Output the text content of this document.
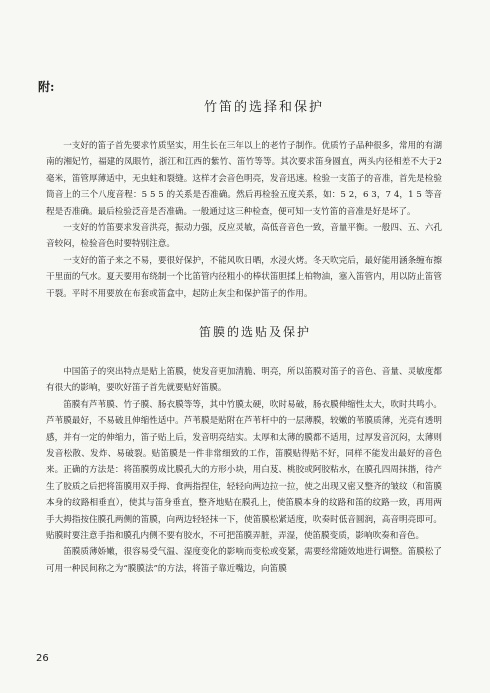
附:
竹笛的选择和保护

一支好的笛子首先要求竹质坚实，用生长在三年以上的老竹子制作。优质竹子品种很多，常用的有湖南的湘妃竹，福建的凤眼竹，浙江和江西的紫竹、笛竹等等。其次要求笛身圆直，两头内径相差不大于2毫米，笛管厚薄适中，无虫蛀和裂缝。这样才会音色明亮，发音迅速。检验一支笛子的音准，首先是检验筒音上的三个八度音程：5 5 5 的关系是否准确。然后再检验五度关系，如：5 2，6 3，7 4，1 5 等音程是否准确。最后检验泛音是否准确。一般通过这三种检查，便可知一支竹笛的音准是好是坏了。

一支好的竹笛要求发音洪亮，振动力强，反应灵敏，高低音音色一致，音量平衡。一般四、五、六孔音较闷，检验音色时要特别注意。

一支好的笛子来之不易，要很好保护，不能风吹日晒，水浸火烤。冬天吹完后，最好能用涵条缠布擦干里面的气水。夏天要用布绕制一个比笛管内径粗小的棒状笛胆揉上柏物油，塞入笛管内，用以防止笛管干裂。平时不用要放在布套或笛盒中，起防止灰尘和保护笛子的作用。

笛膜的选贴及保护

中国笛子的突出特点是贴上笛膜，使发音更加清脆、明亮，所以笛膜对笛子的音色、音量、灵敏度都有很大的影响，要吹好笛子首先就要贴好笛膜。

笛膜有芦苇膜、竹子膜、肠衣膜等等，其中竹膜太硬，吹时易破，肠衣膜伸缩性太大，吹时共鸣小。芦苇膜最好，不易破且伸缩性适中。芦苇膜是贴附在芦苇杆中的一层薄膜，较嫩的苇膜质薄，光亮有透明感，并有一定的伸缩力，笛子贴上后，发音明亮结实。太厚和太薄的膜都不适用，过厚发音沉闷，太薄则发音松散、发炸、易破裂。贴笛膜是一件非常细致的工作，笛膜贴得贴不好，同样不能发出最好的音色来。正确的方法是：将笛膜剪成比膜孔大的方形小块，用白芨、桃胶或阿胶粘水，在膜孔四周抹揩，待产生了胶质之后把将笛膜用双手拇、食两指捏住，轻轻向两边拉一拉，使之出现又密又整齐的皱纹（和笛膜本身的纹路相垂直），使其与笛身垂直，整齐地贴在膜孔上，使笛膜本身的纹路和笛的纹路一致，再用两手大拇指按住膜孔两侧的笛膜，向两边轻轻抹一下，使笛膜松紧适度，吹奏时低音圆润，高音明亮即可。贴膜时要注意手指和膜孔内侧不要有胶水，不可把笛膜弄脏，弄湿，使笛膜变质，影响吹奏和音色。

笛膜质薄娇嫩，很容易受气温、湿度变化的影响而变松或变紧，需要经常随效地进行调整。笛膜松了可用一种民间称之为“膜膜法”的方法，将笛子靠近嘴边，向笛膜

26
